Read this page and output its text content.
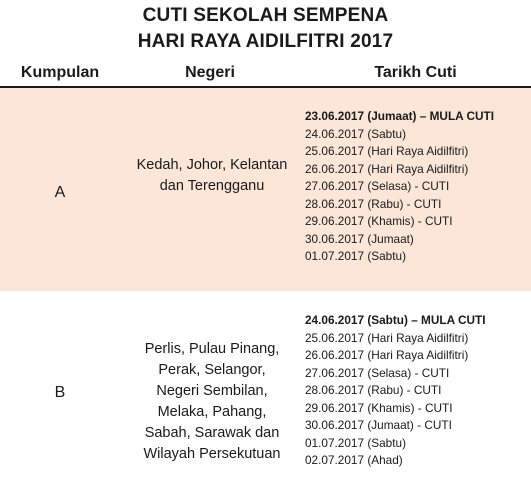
CUTI SEKOLAH SEMPENA
HARI RAYA AIDILFITRI 2017
Kumpulan	Negeri	Tarikh Cuti
A
Kedah, Johor, Kelantan
dan Terengganu
23.06.2017 (Jumaat) – MULA CUTI
24.06.2017 (Sabtu)
25.06.2017 (Hari Raya Aidilfitri)
26.06.2017 (Hari Raya Aidilfitri)
27.06.2017 (Selasa) - CUTI
28.06.2017 (Rabu) - CUTI
29.06.2017 (Khamis) - CUTI
30.06.2017 (Jumaat)
01.07.2017 (Sabtu)
B
Perlis, Pulau Pinang,
Perak, Selangor,
Negeri Sembilan,
Melaka, Pahang,
Sabah, Sarawak dan
Wilayah Persekutuan
24.06.2017 (Sabtu) – MULA CUTI
25.06.2017 (Hari Raya Aidilfitri)
26.06.2017 (Hari Raya Aidilfitri)
27.06.2017 (Selasa) - CUTI
28.06.2017 (Rabu) - CUTI
29.06.2017 (Khamis) - CUTI
30.06.2017 (Jumaat) - CUTI
01.07.2017 (Sabtu)
02.07.2017 (Ahad)
